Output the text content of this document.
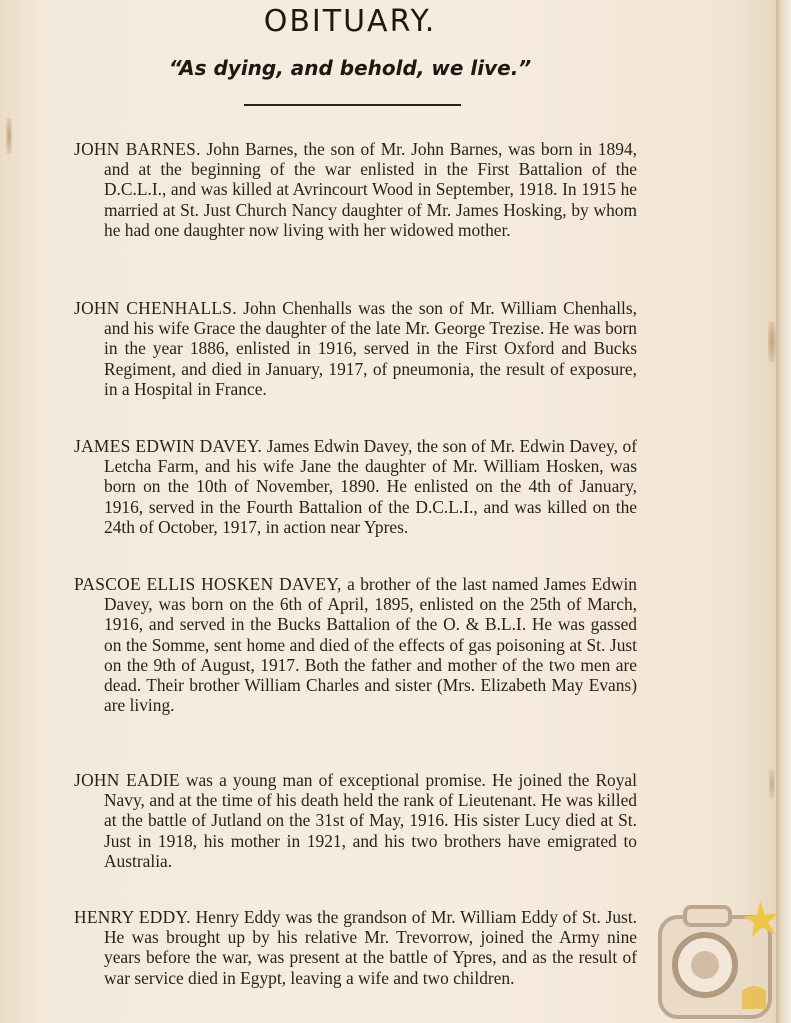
OBITUARY.
“As dying, and behold, we live.”

JOHN BARNES. John Barnes, the son of Mr. John Barnes, was born in 1894, and at the beginning of the war enlisted in the First Battalion of the D.C.L.I., and was killed at Avrincourt Wood in September, 1918. In 1915 he married at St. Just Church Nancy daughter of Mr. James Hosking, by whom he had one daughter now living with her widowed mother.

JOHN CHENHALLS. John Chenhalls was the son of Mr. William Chenhalls, and his wife Grace the daughter of the late Mr. George Trezise. He was born in the year 1886, enlisted in 1916, served in the First Oxford and Bucks Regiment, and died in January, 1917, of pneumonia, the result of exposure, in a Hospital in France.

JAMES EDWIN DAVEY. James Edwin Davey, the son of Mr. Edwin Davey, of Letcha Farm, and his wife Jane the daughter of Mr. William Hosken, was born on the 10th of November, 1890. He enlisted on the 4th of January, 1916, served in the Fourth Battalion of the D.C.L.I., and was killed on the 24th of October, 1917, in action near Ypres.

PASCOE ELLIS HOSKEN DAVEY, a brother of the last named James Edwin Davey, was born on the 6th of April, 1895, enlisted on the 25th of March, 1916, and served in the Bucks Battalion of the O. & B.L.I. He was gassed on the Somme, sent home and died of the effects of gas poisoning at St. Just on the 9th of August, 1917. Both the father and mother of the two men are dead. Their brother William Charles and sister (Mrs. Elizabeth May Evans) are living.

JOHN EADIE was a young man of exceptional promise. He joined the Royal Navy, and at the time of his death held the rank of Lieutenant. He was killed at the battle of Jutland on the 31st of May, 1916. His sister Lucy died at St. Just in 1918, his mother in 1921, and his two brothers have emigrated to Australia.

HENRY EDDY. Henry Eddy was the grandson of Mr. William Eddy of St. Just. He was brought up by his relative Mr. Trevorrow, joined the Army nine years before the war, was present at the battle of Ypres, and as the result of war service died in Egypt, leaving a wife and two children.
